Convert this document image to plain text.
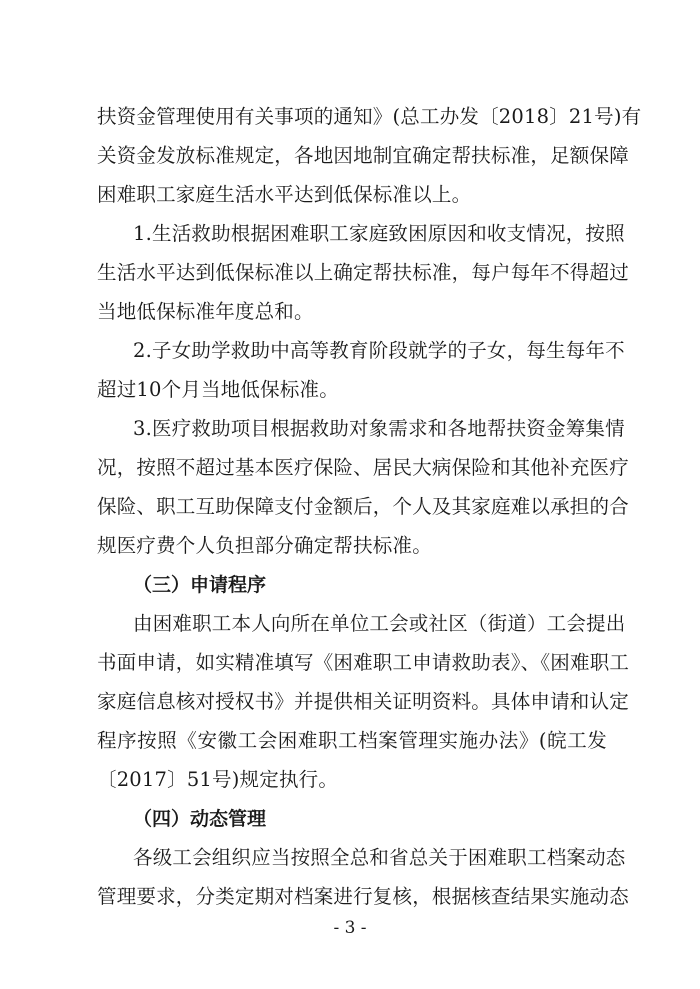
扶资金管理使用有关事项的通知》(总工办发〔2018〕21号)有
关资金发放标准规定，各地因地制宜确定帮扶标准，足额保障
困难职工家庭生活水平达到低保标准以上。
1.生活救助根据困难职工家庭致困原因和收支情况，按照
生活水平达到低保标准以上确定帮扶标准，每户每年不得超过
当地低保标准年度总和。
2.子女助学救助中高等教育阶段就学的子女，每生每年不
超过10个月当地低保标准。
3.医疗救助项目根据救助对象需求和各地帮扶资金筹集情
况，按照不超过基本医疗保险、居民大病保险和其他补充医疗
保险、职工互助保障支付金额后，个人及其家庭难以承担的合
规医疗费个人负担部分确定帮扶标准。
（三）申请程序
由困难职工本人向所在单位工会或社区（街道）工会提出
书面申请，如实精准填写《困难职工申请救助表》、《困难职工
家庭信息核对授权书》并提供相关证明资料。具体申请和认定
程序按照《安徽工会困难职工档案管理实施办法》(皖工发
〔2017〕51号)规定执行。
（四）动态管理
各级工会组织应当按照全总和省总关于困难职工档案动态
管理要求，分类定期对档案进行复核，根据核查结果实施动态
- 3 -
